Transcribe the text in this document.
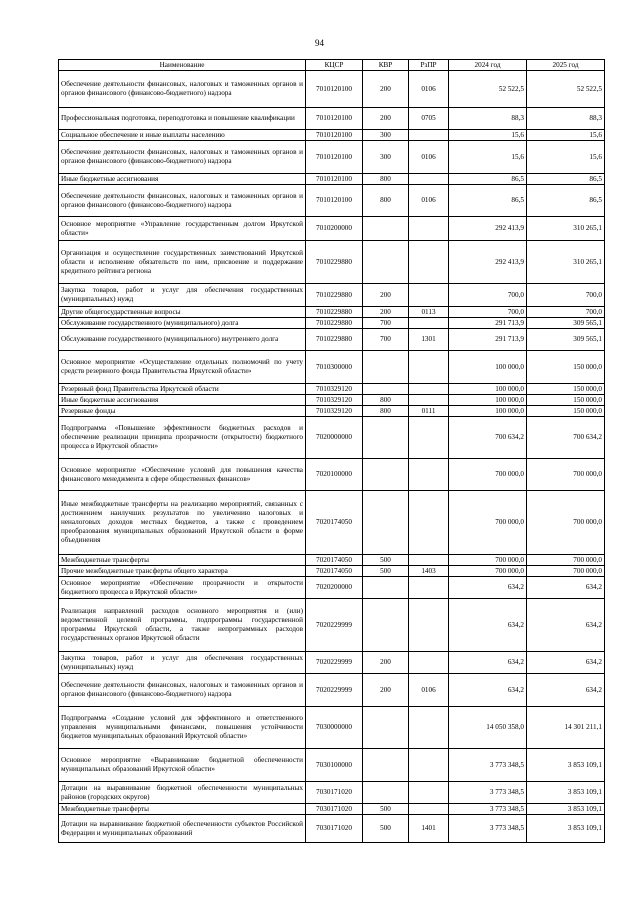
94
Наименование	КЦСР	КВР	РзПР	2024 год	2025 год
Обеспечение деятельности финансовых, налоговых и таможенных органов и органов финансового (финансово-бюджетного) надзора	7010120100	200	0106	52 522,5	52 522,5
Профессиональная подготовка, переподготовка и повышение квалификации	7010120100	200	0705	88,3	88,3
Социальное обеспечение и иные выплаты населению	7010120100	300		15,6	15,6
Обеспечение деятельности финансовых, налоговых и таможенных органов и органов финансового (финансово-бюджетного) надзора	7010120100	300	0106	15,6	15,6
Иные бюджетные ассигнования	7010120100	800		86,5	86,5
Обеспечение деятельности финансовых, налоговых и таможенных органов и органов финансового (финансово-бюджетного) надзора	7010120100	800	0106	86,5	86,5
Основное мероприятие «Управление государственным долгом Иркутской области»	7010200000			292 413,9	310 265,1
Организация и осуществление государственных заимствований Иркутской области и исполнение обязательств по ним, присвоение и поддержание кредитного рейтинга региона	7010229880			292 413,9	310 265,1
Закупка товаров, работ и услуг для обеспечения государственных (муниципальных) нужд	7010229880	200		700,0	700,0
Другие общегосударственные вопросы	7010229880	200	0113	700,0	700,0
Обслуживание государственного (муниципального) долга	7010229880	700		291 713,9	309 565,1
Обслуживание государственного (муниципального) внутреннего долга	7010229880	700	1301	291 713,9	309 565,1
Основное мероприятие «Осуществление отдельных полномочий по учету средств резервного фонда Правительства Иркутской области»	7010300000			100 000,0	150 000,0
Резервный фонд Правительства Иркутской области	7010329120			100 000,0	150 000,0
Иные бюджетные ассигнования	7010329120	800		100 000,0	150 000,0
Резервные фонды	7010329120	800	0111	100 000,0	150 000,0
Подпрограмма «Повышение эффективности бюджетных расходов и обеспечение реализации принципа прозрачности (открытости) бюджетного процесса в Иркутской области»	7020000000			700 634,2	700 634,2
Основное мероприятие «Обеспечение условий для повышения качества финансового менеджмента в сфере общественных финансов»	7020100000			700 000,0	700 000,0
Иные межбюджетные трансферты на реализацию мероприятий, связанных с достижением наилучших результатов по увеличению налоговых и неналоговых доходов местных бюджетов, а также с проведением преобразования муниципальных образований Иркутской области в форме объединения	7020174050			700 000,0	700 000,0
Межбюджетные трансферты	7020174050	500		700 000,0	700 000,0
Прочие межбюджетные трансферты общего характера	7020174050	500	1403	700 000,0	700 000,0
Основное мероприятие «Обеспечение прозрачности и открытости бюджетного процесса в Иркутской области»	7020200000			634,2	634,2
Реализация направлений расходов основного мероприятия и (или) ведомственной целевой программы, подпрограммы государственной программы Иркутской области, а также непрограммных расходов государственных органов Иркутской области	7020229999			634,2	634,2
Закупка товаров, работ и услуг для обеспечения государственных (муниципальных) нужд	7020229999	200		634,2	634,2
Обеспечение деятельности финансовых, налоговых и таможенных органов и органов финансового (финансово-бюджетного) надзора	7020229999	200	0106	634,2	634,2
Подпрограмма «Создание условий для эффективного и ответственного управления муниципальными финансами, повышения устойчивости бюджетов муниципальных образований Иркутской области»	7030000000			14 050 358,0	14 301 211,1
Основное мероприятие «Выравнивание бюджетной обеспеченности муниципальных образований Иркутской области»	7030100000			3 773 348,5	3 853 109,1
Дотации на выравнивание бюджетной обеспеченности муниципальных районов (городских округов)	7030171020			3 773 348,5	3 853 109,1
Межбюджетные трансферты	7030171020	500		3 773 348,5	3 853 109,1
Дотации на выравнивание бюджетной обеспеченности субъектов Российской Федерации и муниципальных образований	7030171020	500	1401	3 773 348,5	3 853 109,1
